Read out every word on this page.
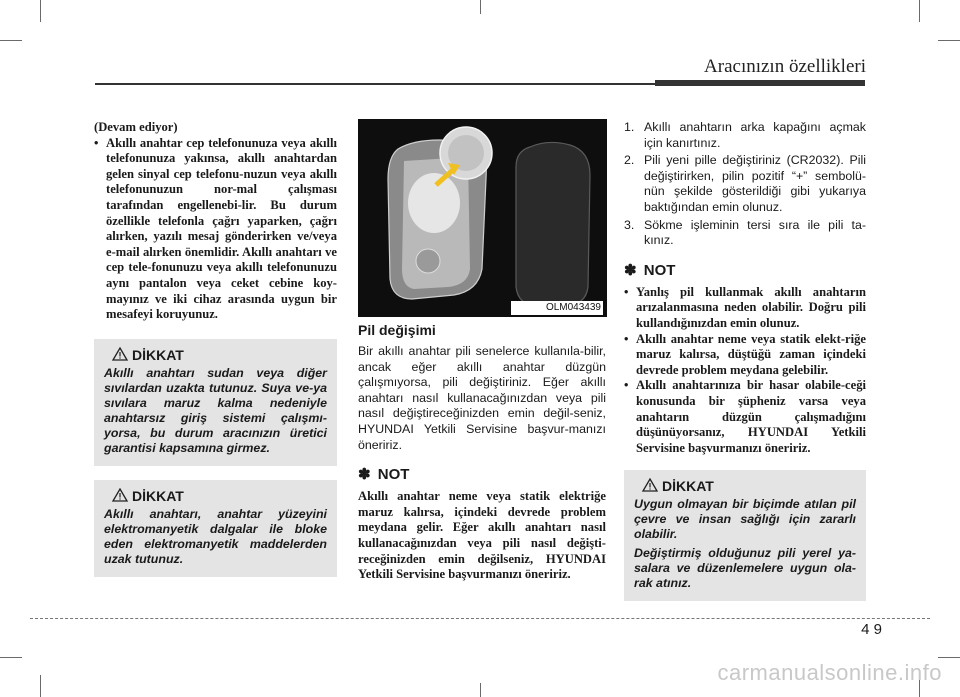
Aracınızın özellikleri
(Devam ediyor)
• Akıllı anahtar cep telefonunuza veya akıllı telefonunuza yakınsa, akıllı anahtardan gelen sinyal cep telefonu-nuzun veya akıllı telefonunuzun nor-mal çalışması tarafından engellenebi-lir. Bu durum özellikle telefonla çağrı yaparken, çağrı alırken, yazılı mesaj gönderirken ve/veya e-mail alırken önemlidir. Akıllı anahtarı ve cep tele-fonunuzu veya akıllı telefonunuzu aynı pantalon veya ceket cebine koy-mayınız ve iki cihaz arasında uygun bir mesafeyi koruyunuz.
DİKKAT
Akıllı anahtarı sudan veya diğer sıvılardan uzakta tutunuz. Suya ve-ya sıvılara maruz kalma nedeniyle anahtarsız giriş sistemi çalışmı-yorsa, bu durum aracınızın üretici garantisi kapsamına girmez.
DİKKAT
Akıllı anahtarı, anahtar yüzeyini elektromanyetik dalgalar ile bloke eden elektromanyetik maddelerden uzak tutunuz.
OLM043439
Pil değişimi
Bir akıllı anahtar pili senelerce kullanıla-bilir, ancak eğer akıllı anahtar düzgün çalışmıyorsa, pili değiştiriniz. Eğer akıllı anahtarı nasıl kullanacağınızdan veya pili nasıl değiştireceğinizden emin değil-seniz, HYUNDAI Yetkili Servisine başvur-manızı öneririz.
✽ NOT
Akıllı anahtar neme veya statik elektriğe maruz kalırsa, içindeki devrede problem meydana gelir. Eğer akıllı anahtarı nasıl kullanacağınızdan veya pili nasıl değişti-receğinizden emin değilseniz, HYUNDAI Yetkili Servisine başvurmanızı öneririz.
1. Akıllı anahtarın arka kapağını açmak için kanırtınız.
2. Pili yeni pille değiştiriniz (CR2032). Pili değiştirirken, pilin pozitif “+” sembolü-nün şekilde gösterildiği gibi yukarıya baktığından emin olunuz.
3. Sökme işleminin tersi sıra ile pili ta-kınız.
✽ NOT
• Yanlış pil kullanmak akıllı anahtarın arızalanmasına neden olabilir. Doğru pili kullandığınızdan emin olunuz.
• Akıllı anahtar neme veya statik elekt-riğe maruz kalırsa, düştüğü zaman içindeki devrede problem meydana gelebilir.
• Akıllı anahtarınıza bir hasar olabile-ceği konusunda bir şüpheniz varsa veya anahtarın düzgün çalışmadığını düşünüyorsanız, HYUNDAI Yetkili Servisine başvurmanızı öneririz.
DİKKAT
Uygun olmayan bir biçimde atılan pil çevre ve insan sağlığı için zararlı olabilir.
Değiştirmiş olduğunuz pili yerel ya-salara ve düzenlemelere uygun ola-rak atınız.
4 9
carmanualsonline.info
